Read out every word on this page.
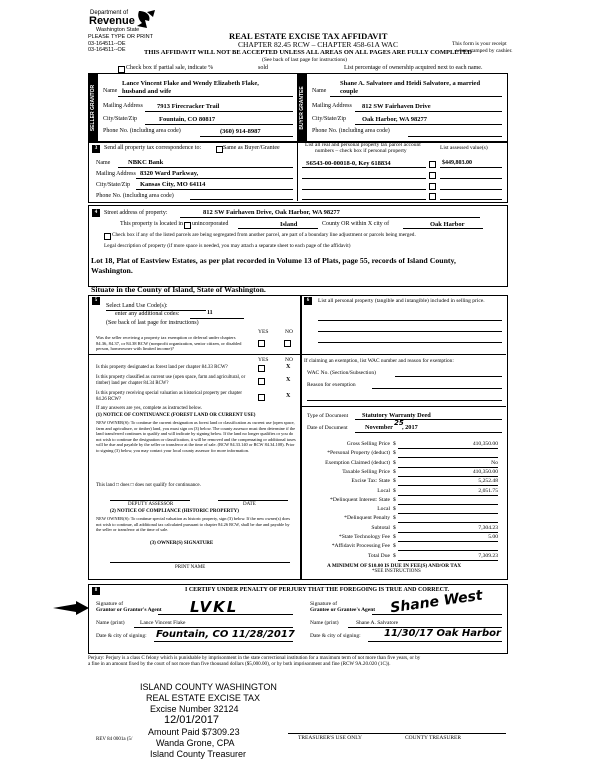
Department of
Revenue
Washington State
PLEASE TYPE OR PRINT
03-164511--OE
03-164511--OE
REAL ESTATE EXCISE TAX AFFIDAVIT
CHAPTER 82.45 RCW – CHAPTER 458-61A WAC
THIS AFFIDAVIT WILL NOT BE ACCEPTED UNLESS ALL AREAS ON ALL PAGES ARE FULLY COMPLETED
(See back of last page for instructions)
This form is your receipt
when stamped by cashier.
Check box if partial sale, indicate %	sold	List percentage of ownership acquired next to each name.
SELLER GRANTOR Name
Lance Vincent Flake and Wendy Elizabeth Flake,
husband and wife
Mailing Address 7913 Firecracker Trail
City/State/Zip	Fountain, CO 80817
Phone No. (including area code)	(360) 914-8987
BUYER GRANTEE Name
Shane A. Salvatore and Heidi Salvatore, a married
couple
Mailing Address 812 SW Fairhaven Drive
City/State/Zip Oak Harbor, WA 98277
Phone No. (including area code)
3	Send all property tax correspondence to:	Same as Buyer/Grantee
Name	NBKC Bank
Mailing Address 8320 Ward Parkway,
City/State/Zip Kansas City, MO 64114
Phone No. (including area code)
List all real and personal property tax parcel account
numbers – check box if personal property	List assessed value(s)
S6543-00-00018-0, Key 618834	$449,803.00
4	Street address of property:	812 SW Fairhaven Drive, Oak Harbor, WA 98277
This property is located in unincorporated	Island	County OR within X city of	Oak Harbor
Check box if any of the listed parcels are being segregated from another parcel, are part of a boundary line adjustment or parcels being merged.
Legal description of property (if more space is needed, you may attach a separate sheet to each page of the affidavit)
Lot 18, Plat of Eastview Estates, as per plat recorded in Volume 13 of Plats, page 55, records of Island County,
Washington.
Situate in the County of Island, State of Washington.
5
Select Land Use Code(s):
enter any additional codes:	11
(See back of last page for instructions)
YES	NO
Was the seller receiving a property tax exemption or deferral under chapters 84.36, 84.37, or 84.38 RCW (nonprofit organization, senior citizen, or disabled person, homeowner with limited income)?
YES	NO
Is this property designated as forest land per chapter 84.33 RCW?	X
Is this property classified as current use (open space, farm and agricultural, or timber) land per chapter 84.34 RCW?	X
Is this property receiving special valuation as historical property per chapter 84.26 RCW?	X
If any answers are yes, complete as instructed below.
(1) NOTICE OF CONTINUANCE (FOREST LAND OR CURRENT USE)
NEW OWNER(S): To continue the current designation as forest land or classification as current use (open space, farm and agriculture, or timber) land, you must sign on (3) below. The county assessor must then determine if the land transferred continues to qualify and will indicate by signing below. If the land no longer qualifies or you do not wish to continue the designation or classification, it will be removed and the compensating or additional taxes will be due and payable by the seller or transferor at the time of sale. (RCW 84.33.140 or RCW 84.34.108). Prior to signing (3) below, you may contact your local county assessor for more information.
This land □ does □ does not qualify for continuance.
DEPUTY ASSESSOR	DATE
(2) NOTICE OF COMPLIANCE (HISTORIC PROPERTY)
NEW OWNER(S): To continue special valuation as historic property, sign (3) below. If the new owner(s) does not wish to continue, all additional tax calculated pursuant to chapter 84.26 RCW, shall be due and payable by the seller or transferor at the time of sale.
(3) OWNER(S) SIGNATURE
PRINT NAME
6	List all personal property (tangible and intangible) included in selling price.
If claiming an exemption, list WAC number and reason for exemption:
WAC No. (Section/Subsection)
Reason for exemption
Type of Document Statutory Warranty Deed
Date of Document	November
25
, 2017
Gross Selling Price $	410,350.00
*Personal Property (deduct) $
Exemption Claimed (deduct) $	No
Taxable Selling Price $	410,350.00
Excise Tax: State $	5,252.48
Local $	2,051.75
*Delinquent Interest: State $
Local $
*Delinquent Penalty $
Subtotal $	7,304.23
*State Technology Fee $	5.00
*Affidavit Processing Fee $
Total Due $	7,309.23
A MINIMUM OF $10.00 IS DUE IN FEE(S) AND/OR TAX
*SEE INSTRUCTIONS
8	I CERTIFY UNDER PENALTY OF PERJURY THAT THE FOREGOING IS TRUE AND CORRECT.
Signature of
Grantor or Grantor's Agent LVKL
Name (print)	Lance Vincent Flake
Date & city of signing: Fountain, CO 11/28/2017
Signature of
Grantee or Grantee's Agent Shane West
Name (print)	Shane A. Salvatore
Date & city of signing: 11/30/17 Oak Harbor
Perjury: Perjury is a class C felony which is punishable by imprisonment in the state correctional institution for a maximum term of not more than five years, or by
a fine in an amount fixed by the court of not more than five thousand dollars ($5,000.00), or by both imprisonment and fine (RCW 9A.20.020 (1C)).
ISLAND COUNTY WASHINGTON
REAL ESTATE EXCISE TAX
Excise Number 32124
12/01/2017
Amount Paid $7309.23
Wanda Grone, CPA
Island County Treasurer
REV 84 0001a (5/	TREASURER'S USE ONLY	COUNTY TREASURER
